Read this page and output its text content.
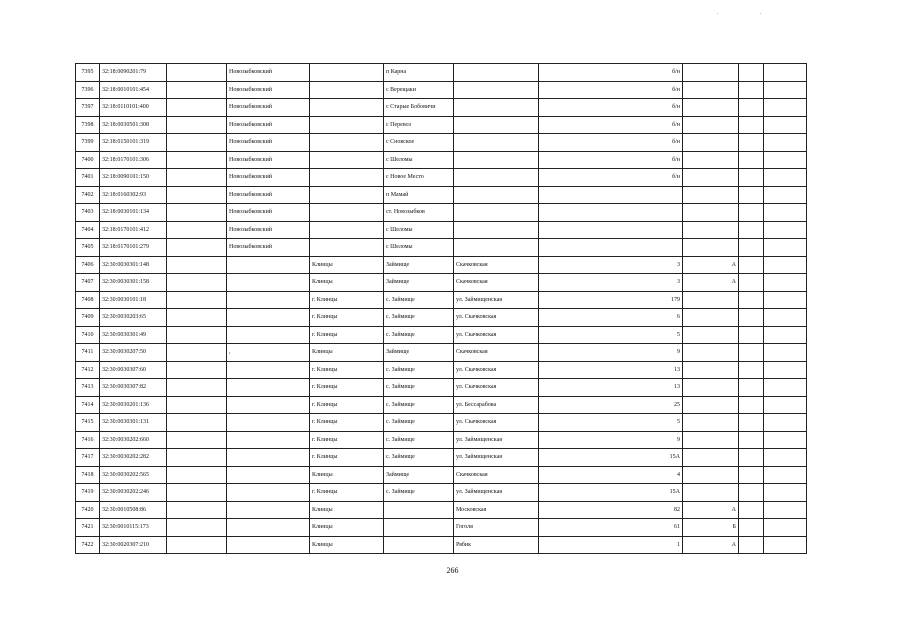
7395	32:18:0090201:79		Новозыбковский		п Карна		б/н			
7396	32:18:0010101:454		Новозыбковский		с Верещаки		б/н			
7397	32:18:0110101:400		Новозыбковский		с Старые Бобовичи		б/н			
7398	32:18:0030501:308		Новозыбковский		с Перевоз		б/н			
7399	32:18:0150101:319		Новозыбковский		с Сновское		б/н			
7400	32:18:0170101:306		Новозыбковский		с Шеломы		б/н			
7401	32:18:0090101:150		Новозыбковский		с Новое Место		б/н			
7402	32:18:0160302:93		Новозыбковский		п Мамай					
7403	32:18:0030101:134		Новозыбковский		ст. Новозыбков					
7404	32:18:0170101:412		Новозыбковский		с Шеломы					
7405	32:18:0170101:279		Новозыбковский		с Шеломы					
7406	32:30:0030301:148			Клинцы	Займище	Скачковская	3	А		
7407	32:30:0030301:158			Клинцы	Займище	Скачковская	3	А		
7408	32:30:0030101:18			г. Клинцы	с. Займище	ул. Займищенская	179			
7409	32:30:0030203:65			г. Клинцы	с. Займище	ул. Скачковская	6			
7410	32:30:0030301:49			г. Клинцы	с. Займище	ул. Скачковская	5			
7411	32:30:0030207:50		,	Клинцы	Займище	Скачковская	9			
7412	32:30:0030307:60			г. Клинцы	с. Займище	ул. Скачковская	13			
7413	32:30:0030307:82			г. Клинцы	с. Займище	ул. Скачковская	13			
7414	32:30:0030201:136			г. Клинцы	с. Займище	ул. Бессарабова	25			
7415	32:30:0030301:131			г. Клинцы	с. Займище	ул. Скачковская	5			
7416	32:30:0030202:660			г. Клинцы	с. Займище	ул. Займищенская	9			
7417	32:30:0030202:282			г. Клинцы	с. Займище	ул. Займищенская	15А			
7418	32:30:0030202:565			Клинцы	Займище	Скачковская	4			
7419	32:30:0030202:246			г. Клинцы	с. Займище	ул. Займищенская	15А			
7420	32:30:0010508:86			Клинцы		Московская	82	А		
7421	32:30:0010115:173			Клинцы		Гоголя	61	Б		
7422	32:30:0020307:210			Клинцы		Рябик	1	А		
266
.	.
